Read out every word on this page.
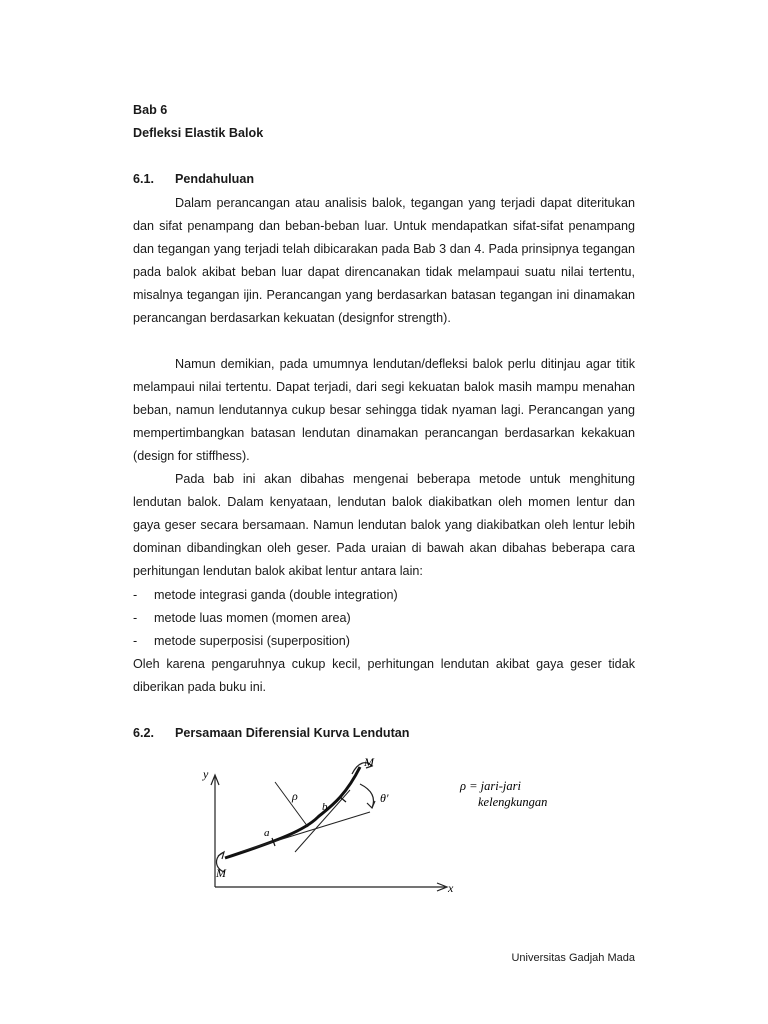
Bab 6
Defleksi Elastik Balok
6.1. Pendahuluan
Dalam perancangan atau analisis balok, tegangan yang terjadi dapat diteritukan dan sifat penampang dan beban-beban luar. Untuk mendapatkan sifat-sifat penampang dan tegangan yang terjadi telah dibicarakan pada Bab 3 dan 4. Pada prinsipnya tegangan pada balok akibat beban luar dapat direncanakan tidak melampaui suatu nilai tertentu, misalnya tegangan ijin. Perancangan yang berdasarkan batasan tegangan ini dinamakan perancangan berdasarkan kekuatan (designfor strength).
Namun demikian, pada umumnya lendutan/defleksi balok perlu ditinjau agar titik melampaui nilai tertentu. Dapat terjadi, dari segi kekuatan balok masih mampu menahan beban, namun lendutannya cukup besar sehingga tidak nyaman lagi. Perancangan yang mempertimbangkan batasan lendutan dinamakan perancangan berdasarkan kekakuan (design for stiffhess).
Pada bab ini akan dibahas mengenai beberapa metode untuk menghitung lendutan balok. Dalam kenyataan, lendutan balok diakibatkan oleh momen lentur dan gaya geser secara bersamaan. Namun lendutan balok yang diakibatkan oleh lentur lebih dominan dibandingkan oleh geser. Pada uraian di bawah akan dibahas beberapa cara perhitungan lendutan balok akibat lentur antara lain:
- metode integrasi ganda (double integration)
- metode luas momen (momen area)
- metode superposisi (superposition)
Oleh karena pengaruhnya cukup kecil, perhitungan lendutan akibat gaya geser tidak diberikan pada buku ini.
6.2. Persamaan Diferensial Kurva Lendutan
y
x
ρ
a
b
M
M
θ'
ρ = jari-jari
kelengkungan
Universitas Gadjah Mada
